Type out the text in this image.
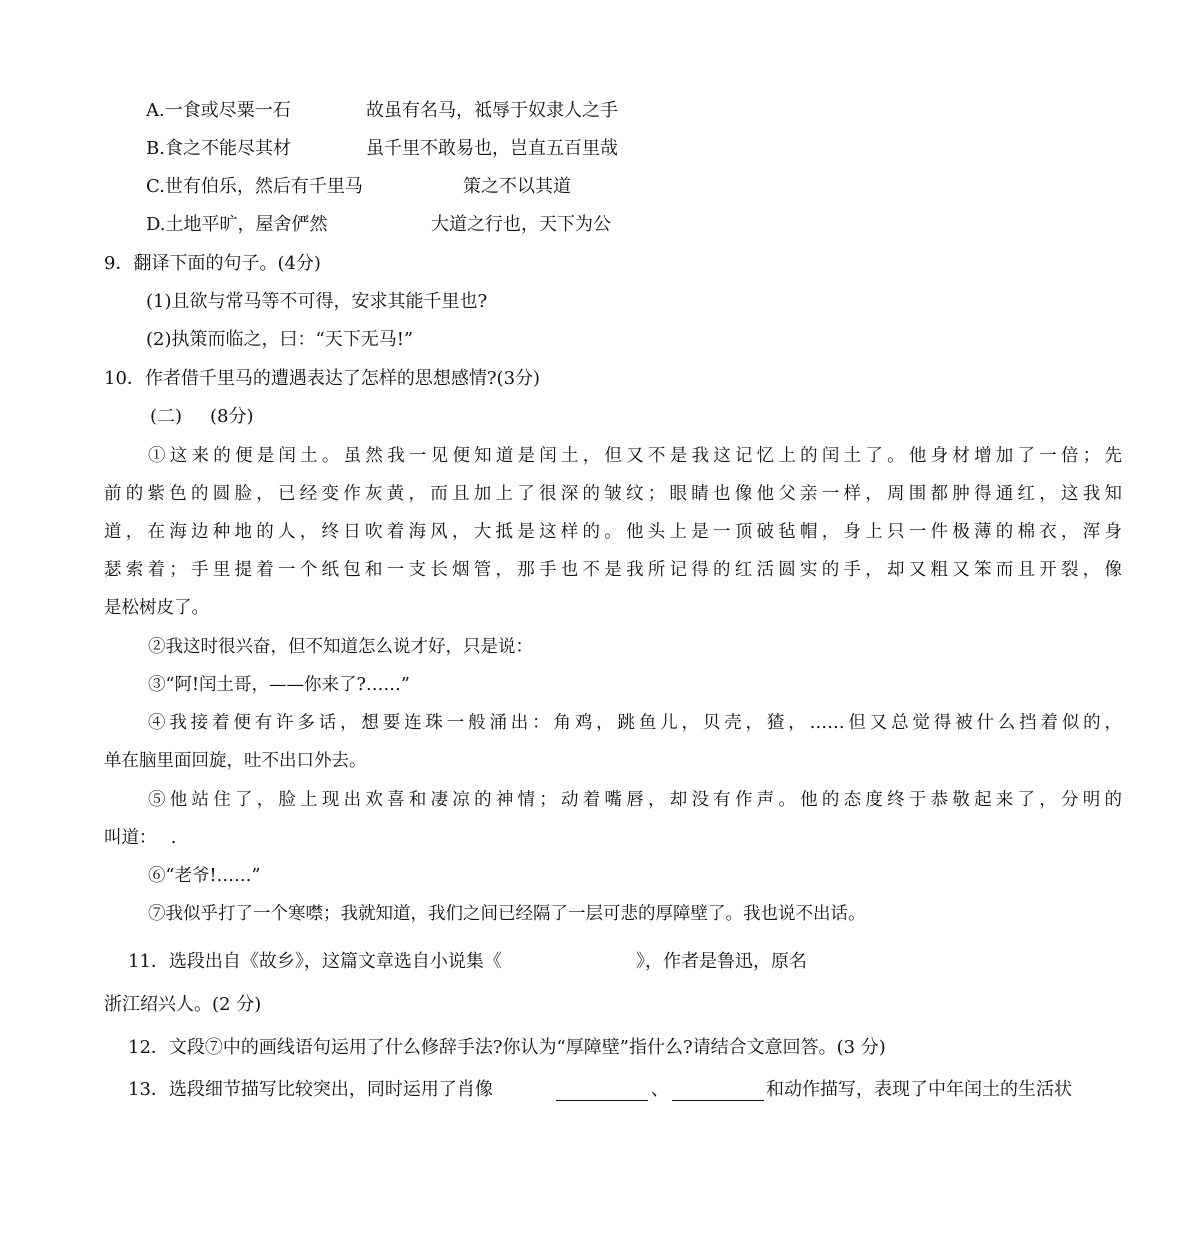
A.一食或尽粟一石	故虽有名马，祗辱于奴隶人之手
B.食之不能尽其材	虽千里不敢易也，岂直五百里哉
C.世有伯乐，然后有千里马	策之不以其道
D.土地平旷，屋舍俨然	大道之行也，天下为公
9．翻译下面的句子。(4分)
(1)且欲与常马等不可得，安求其能千里也?
(2)执策而临之，曰：“天下无马!”
10．作者借千里马的遭遇表达了怎样的思想感情?(3分)
(二) (8分)
①这来的便是闰土。虽然我一见便知道是闰土，但又不是我这记忆上的闰土了。他身材增加了一倍；先
前的紫色的圆脸，已经变作灰黄，而且加上了很深的皱纹；眼睛也像他父亲一样，周围都肿得通红，这我知
道，在海边种地的人，终日吹着海风，大抵是这样的。他头上是一顶破毡帽，身上只一件极薄的棉衣，浑身
瑟索着；手里提着一个纸包和一支长烟管，那手也不是我所记得的红活圆实的手，却又粗又笨而且开裂，像
是松树皮了。
②我这时很兴奋，但不知道怎么说才好，只是说：
③“阿!闰土哥，——你来了?……”
④我接着便有许多话，想要连珠一般涌出：角鸡，跳鱼儿，贝壳，猹，……但又总觉得被什么挡着似的，
单在脑里面回旋，吐不出口外去。
⑤他站住了，脸上现出欢喜和凄凉的神情；动着嘴唇，却没有作声。他的态度终于恭敬起来了，分明的
叫道：　 .
⑥“老爷!……”
⑦我似乎打了一个寒噤；我就知道，我们之间已经隔了一层可悲的厚障壁了。我也说不出话。
11．选段出自《故乡》，这篇文章选自小说集《	》，作者是鲁迅，原名
浙江绍兴人。(2 分)
12．文段⑦中的画线语句运用了什么修辞手法?你认为“厚障壁”指什么?请结合文意回答。(3 分)
13．选段细节描写比较突出，同时运用了肖像	、	和动作描写，表现了中年闰土的生活状
